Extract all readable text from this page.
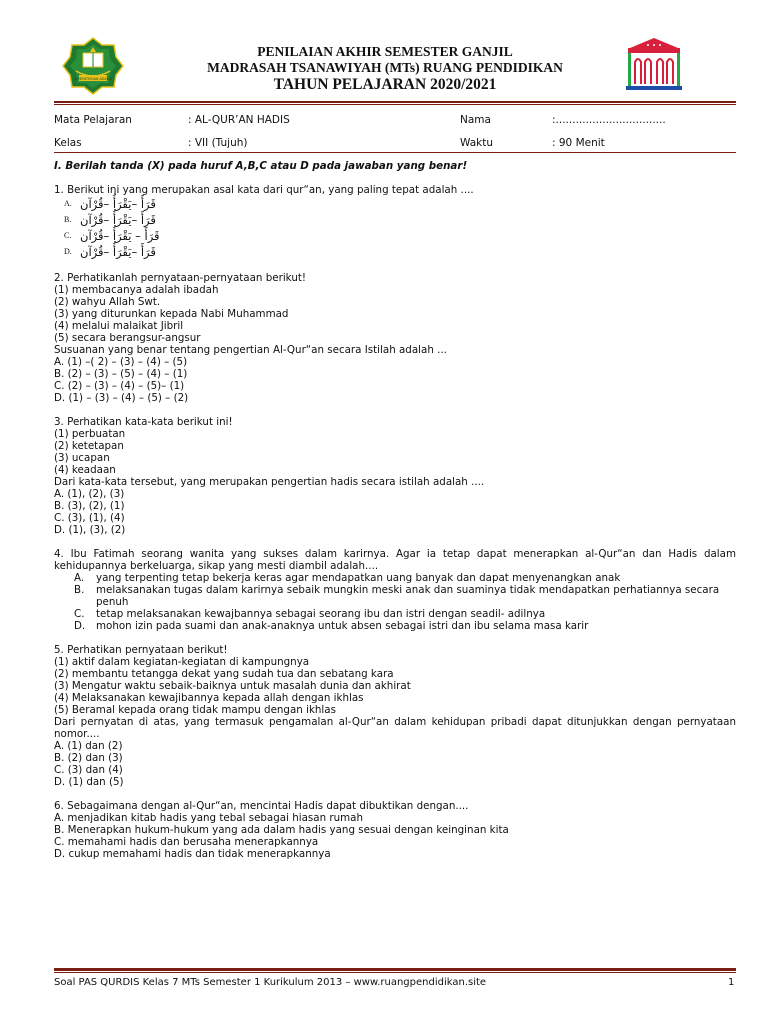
KEMENTERIAN AGAMA
PENILAIAN AKHIR SEMESTER GANJIL
MADRASAH TSANAWIYAH (MTs) RUANG PENDIDIKAN
TAHUN PELAJARAN 2020/2021
Mata Pelajaran	: AL-QUR’AN HADIS	Nama	:.................................
Kelas	: VII (Tujuh)	Waktu	: 90 Menit
I. Berilah tanda (X) pada huruf A,B,C atau D pada jawaban yang benar!
1. Berikut ini yang merupakan asal kata dari qur“an, yang paling tepat adalah ....
A. قَرَأَ –يَقْرَأُ –قُرْآن
B. قَرَأَ –يَقْرَأُ –قُرْآن
C. قَرَأَ – يَقْرَأُ –قُرْآن
D. قَرَأَ –يَقْرَأُ –قُرْآن
2. Perhatikanlah pernyataan-pernyataan berikut!
(1) membacanya adalah ibadah
(2) wahyu Allah Swt.
(3) yang diturunkan kepada Nabi Muhammad
(4) melalui malaikat Jibril
(5) secara berangsur-angsur
Susuanan yang benar tentang pengertian Al-Qur“an secara Istilah adalah ...
A. (1) –( 2) – (3) – (4) – (5)
B. (2) – (3) – (5) – (4) – (1)
C. (2) – (3) – (4) – (5)– (1)
D. (1) – (3) – (4) – (5) – (2)
3. Perhatikan kata-kata berikut ini!
(1) perbuatan
(2) ketetapan
(3) ucapan
(4) keadaan
Dari kata-kata tersebut, yang merupakan pengertian hadis secara istilah adalah ....
A. (1), (2), (3)
B. (3), (2), (1)
C. (3), (1), (4)
D. (1), (3), (2)
4. Ibu Fatimah seorang wanita yang sukses dalam karirnya. Agar ia tetap dapat menerapkan al-Qur“an dan Hadis dalam kehidupannya berkeluarga, sikap yang mesti diambil adalah....
A.	yang terpenting tetap bekerja keras agar mendapatkan uang banyak dan dapat menyenangkan anak
B.	melaksanakan tugas dalam karirnya sebaik mungkin meski anak dan suaminya tidak mendapatkan perhatiannya secara penuh
C.	tetap melaksanakan kewajbannya sebagai seorang ibu dan istri dengan seadil- adilnya
D.	mohon izin pada suami dan anak-anaknya untuk absen sebagai istri dan ibu selama masa karir
5. Perhatikan pernyataan berikut!
(1) aktif dalam kegiatan-kegiatan di kampungnya
(2) membantu tetangga dekat yang sudah tua dan sebatang kara
(3) Mengatur waktu sebaik-baiknya untuk masalah dunia dan akhirat
(4) Melaksanakan kewajibannya kepada allah dengan ikhlas
(5) Beramal kepada orang tidak mampu dengan ikhlas
Dari pernyatan di atas, yang termasuk pengamalan al-Qur“an dalam kehidupan pribadi dapat ditunjukkan dengan pernyataan nomor....
A. (1) dan (2)
B. (2) dan (3)
C. (3) dan (4)
D. (1) dan (5)
6. Sebagaimana dengan al-Qur“an, mencintai Hadis dapat dibuktikan dengan....
A. menjadikan kitab hadis yang tebal sebagai hiasan rumah
B. Menerapkan hukum-hukum yang ada dalam hadis yang sesuai dengan keinginan kita
C. memahami hadis dan berusaha menerapkannya
D. cukup memahami hadis dan tidak menerapkannya
Soal PAS QURDIS Kelas 7 MTs Semester 1 Kurikulum 2013 – www.ruangpendidikan.site	1
